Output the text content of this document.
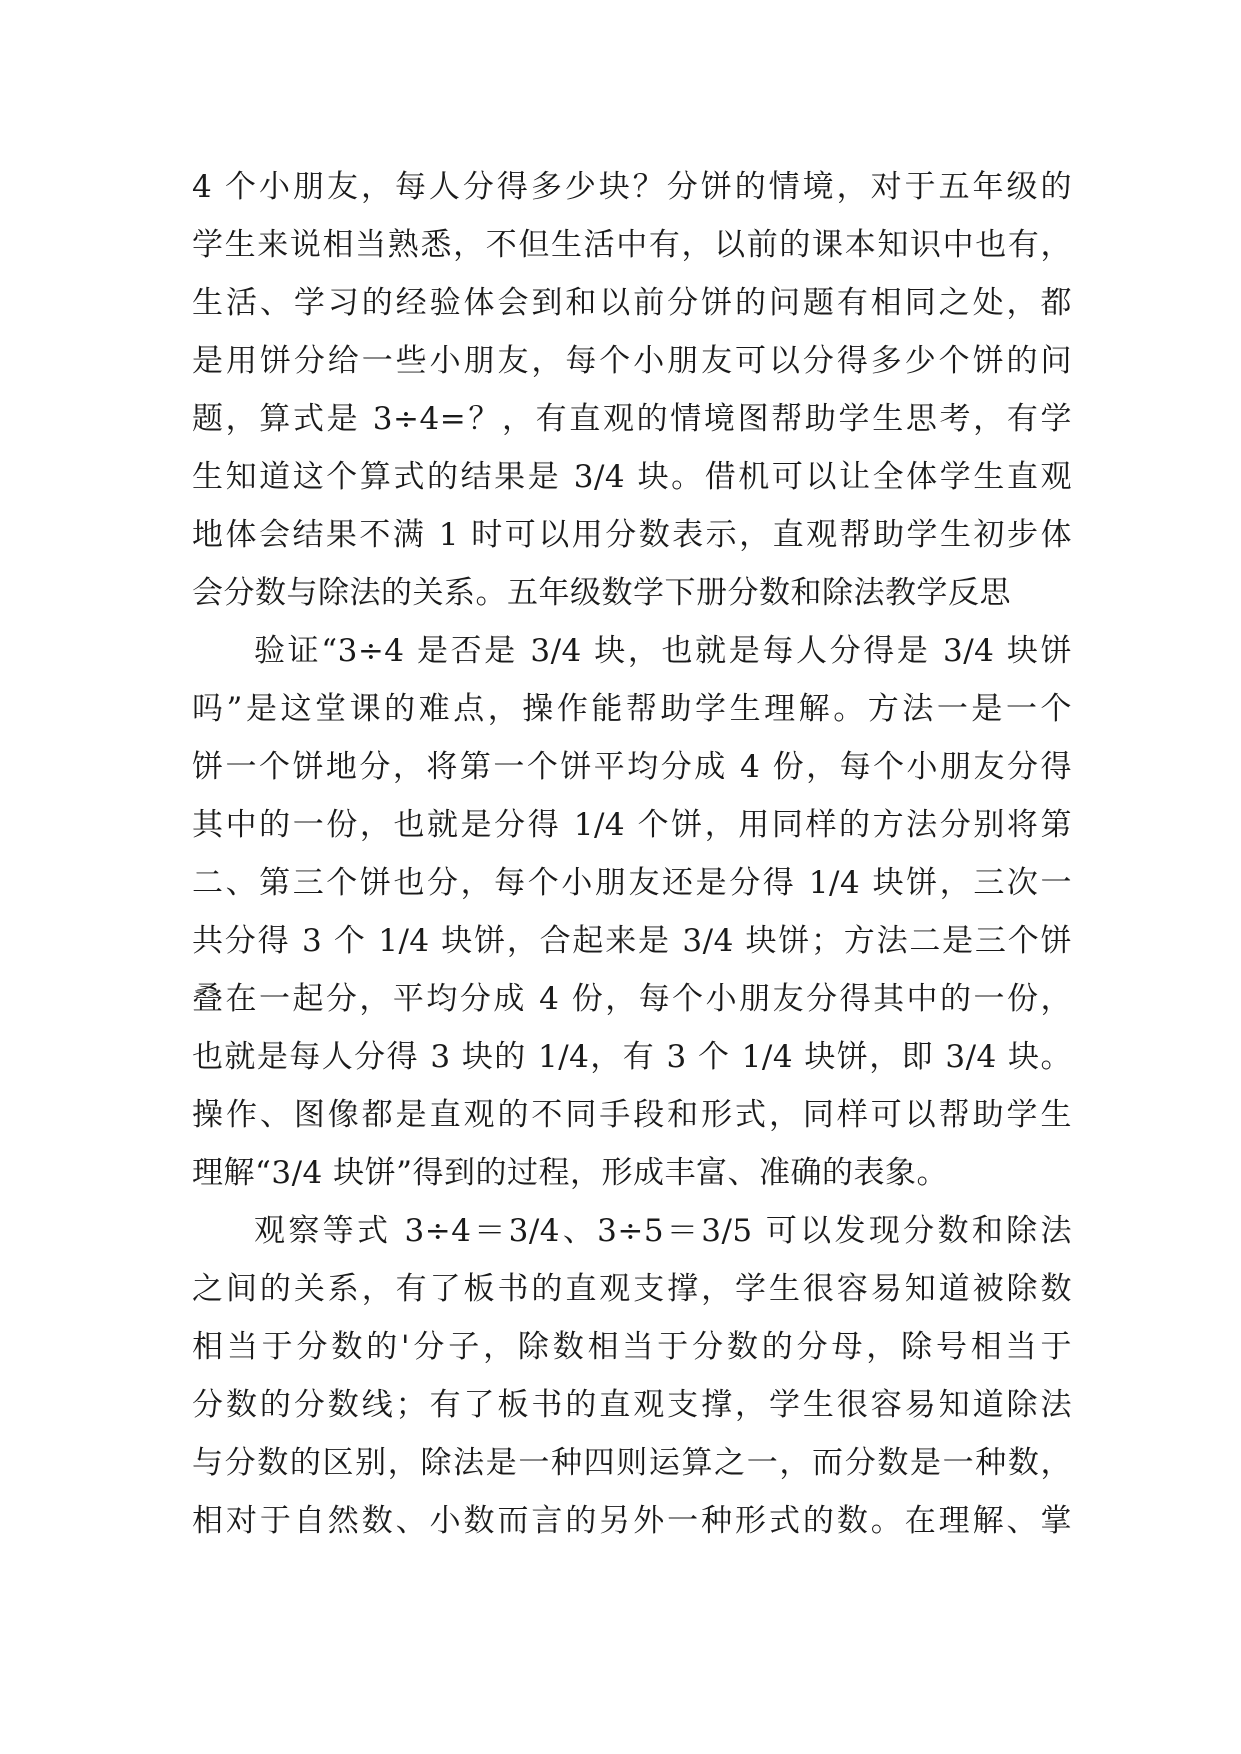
4 个小朋友，每人分得多少块？分饼的情境，对于五年级的
学生来说相当熟悉，不但生活中有，以前的课本知识中也有，
生活、学习的经验体会到和以前分饼的问题有相同之处，都
是用饼分给一些小朋友，每个小朋友可以分得多少个饼的问
题，算式是 3÷4=？，有直观的情境图帮助学生思考，有学
生知道这个算式的结果是 3/4 块。借机可以让全体学生直观
地体会结果不满 1 时可以用分数表示，直观帮助学生初步体
会分数与除法的关系。五年级数学下册分数和除法教学反思
验证“3÷4 是否是 3/4 块，也就是每人分得是 3/4 块饼
吗”是这堂课的难点，操作能帮助学生理解。方法一是一个
饼一个饼地分，将第一个饼平均分成 4 份，每个小朋友分得
其中的一份，也就是分得 1/4 个饼，用同样的方法分别将第
二、第三个饼也分，每个小朋友还是分得 1/4 块饼，三次一
共分得 3 个 1/4 块饼，合起来是 3/4 块饼；方法二是三个饼
叠在一起分，平均分成 4 份，每个小朋友分得其中的一份，
也就是每人分得 3 块的 1/4，有 3 个 1/4 块饼，即 3/4 块。
操作、图像都是直观的不同手段和形式，同样可以帮助学生
理解“3/4 块饼”得到的过程，形成丰富、准确的表象。
观察等式 3÷4＝3/4、3÷5＝3/5 可以发现分数和除法
之间的关系，有了板书的直观支撑，学生很容易知道被除数
相当于分数的'分子，除数相当于分数的分母，除号相当于
分数的分数线；有了板书的直观支撑，学生很容易知道除法
与分数的区别，除法是一种四则运算之一，而分数是一种数，
相对于自然数、小数而言的另外一种形式的数。在理解、掌
